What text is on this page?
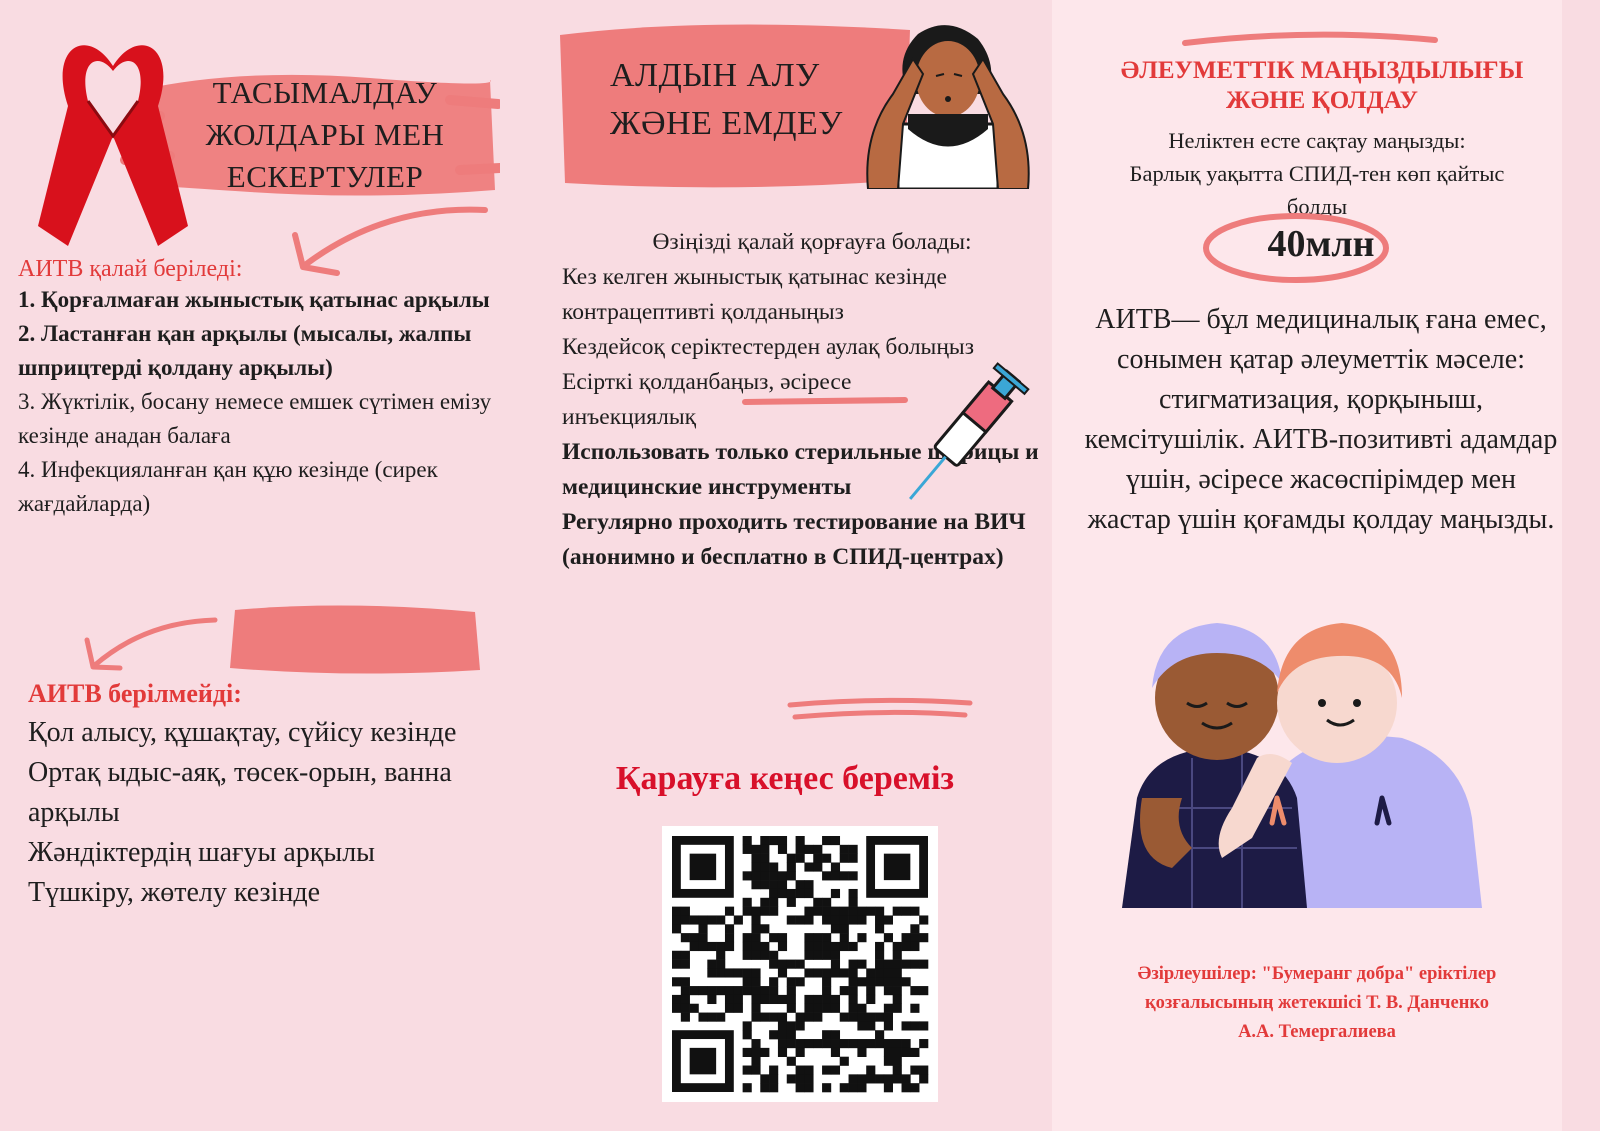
ТАСЫМАЛДАУ
ЖОЛДАРЫ МЕН
ЕСКЕРТУЛЕР
АИТВ қалай беріледі:
1. Қорғалмаған жыныстық қатынас арқылы
2. Ластанған қан арқылы (мысалы, жалпы шприцтерді қолдану арқылы)
3. Жүктілік, босану немесе емшек сүтімен емізу кезінде анадан балаға
4. Инфекцияланған қан құю кезінде (сирек жағдайларда)
АИТВ берілмейді:
Қол алысу, құшақтау, сүйісу кезінде
Ортақ ыдыс-аяқ, төсек-орын, ванна арқылы
Жәндіктердің шағуы арқылы
Түшкіру, жөтелу кезінде
АЛДЫН АЛУ
ЖӘНЕ ЕМДЕУ
Өзіңізді қалай қорғауға болады:
Кез келген жыныстық қатынас кезінде контрацептивті қолданыңыз
Кездейсоқ серіктестерден аулақ болыңыз
Есірткі қолданбаңыз, әсіресе инъекциялық
Использовать только стерильные шприцы и медицинские инструменты
Регулярно проходить тестирование на ВИЧ (анонимно и бесплатно в СПИД-центрах)
Қарауға кеңес береміз
ӘЛЕУМЕТТІК МАҢЫЗДЫЛЫҒЫ
ЖӘНЕ ҚОЛДАУ
Неліктен есте сақтау маңызды:
Барлық уақытта СПИД-тен көп қайтыс
болды
40млн
АИТВ— бұл медициналық ғана емес, сонымен қатар әлеуметтік мәселе: стигматизация, қорқыныш, кемсітушілік. АИТВ-позитивті адамдар үшін, әсіресе жасөспірімдер мен жастар үшін қоғамды қолдау маңызды.
Әзірлеушілер: "Бумеранг добра" еріктілер
қозғалысының жетекшісі Т. В. Данченко
А.А. Темергалиева
